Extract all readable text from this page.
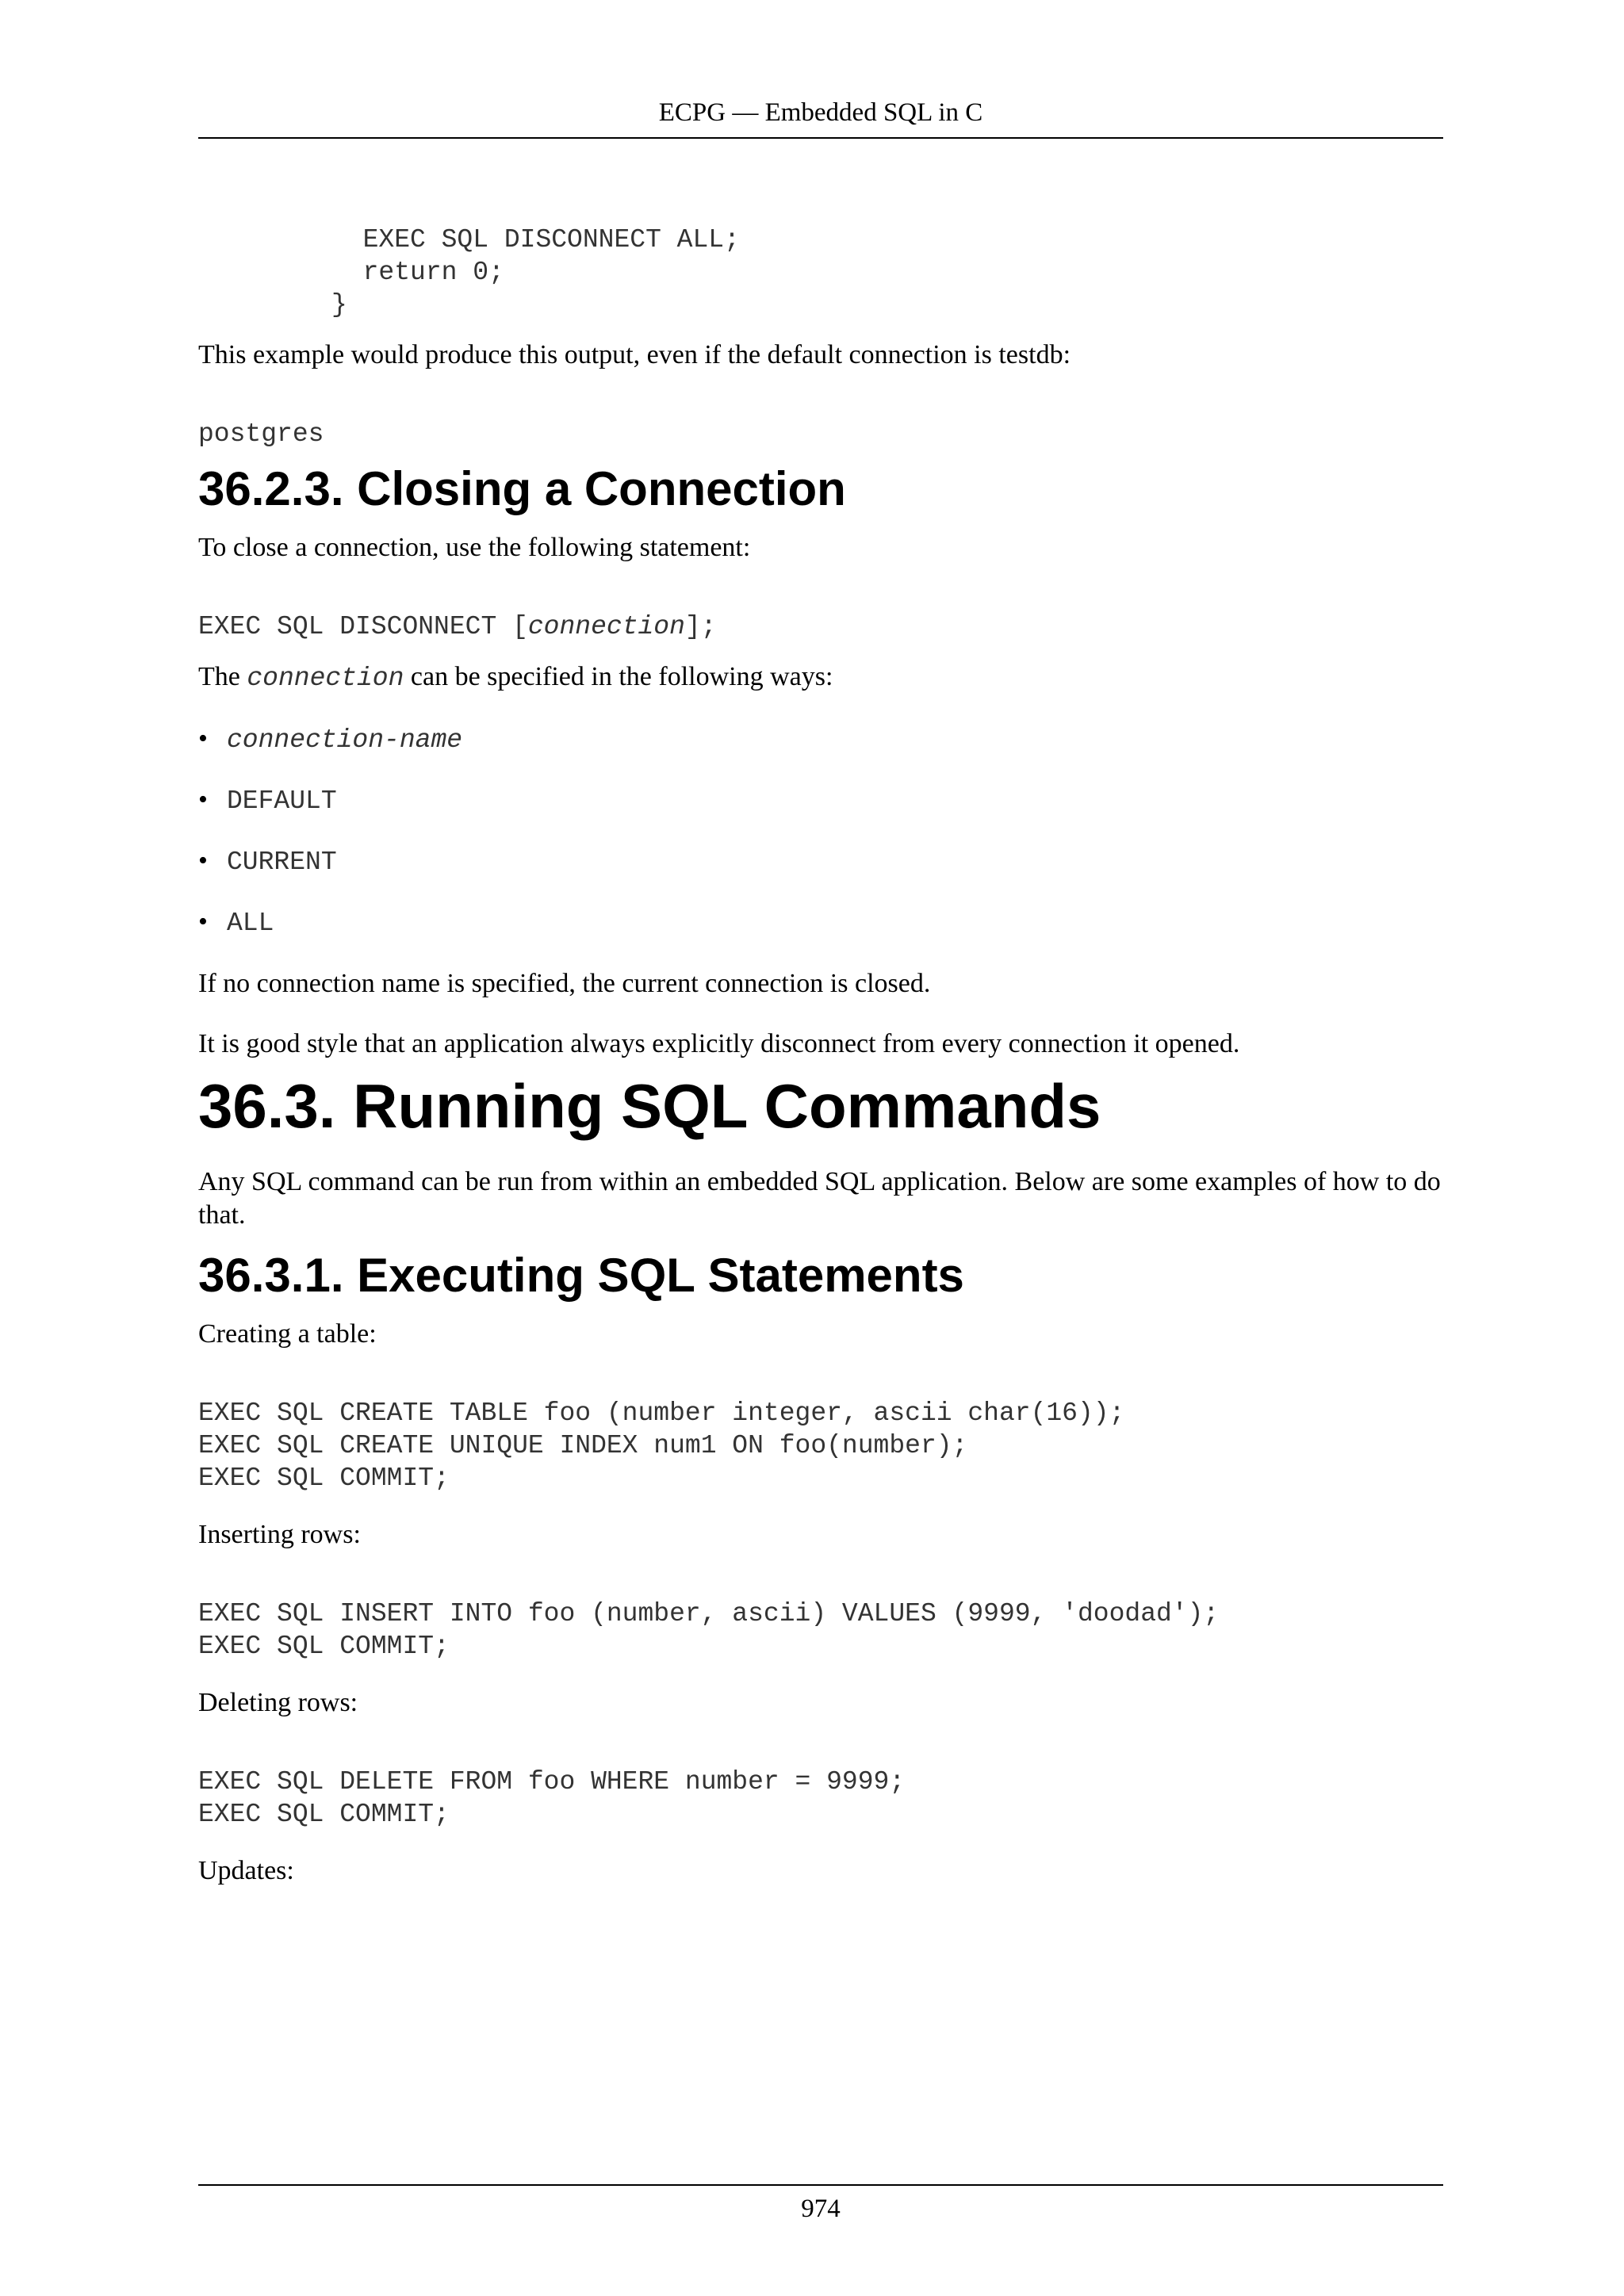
ECPG — Embedded SQL in C
EXEC SQL DISCONNECT ALL;
return 0;
}

This example would produce this output, even if the default connection is testdb:

postgres
36.2.3. Closing a Connection

To close a connection, use the following statement:

EXEC SQL DISCONNECT [connection];

The connection can be specified in the following ways:

• connection-name
• DEFAULT
• CURRENT
• ALL

If no connection name is specified, the current connection is closed.

It is good style that an application always explicitly disconnect from every connection it opened.

36.3. Running SQL Commands

Any SQL command can be run from within an embedded SQL application. Below are some examples of how to do that.

36.3.1. Executing SQL Statements

Creating a table:

EXEC SQL CREATE TABLE foo (number integer, ascii char(16));
EXEC SQL CREATE UNIQUE INDEX num1 ON foo(number);
EXEC SQL COMMIT;

Inserting rows:

EXEC SQL INSERT INTO foo (number, ascii) VALUES (9999, 'doodad');
EXEC SQL COMMIT;

Deleting rows:

EXEC SQL DELETE FROM foo WHERE number = 9999;
EXEC SQL COMMIT;

Updates:

974
